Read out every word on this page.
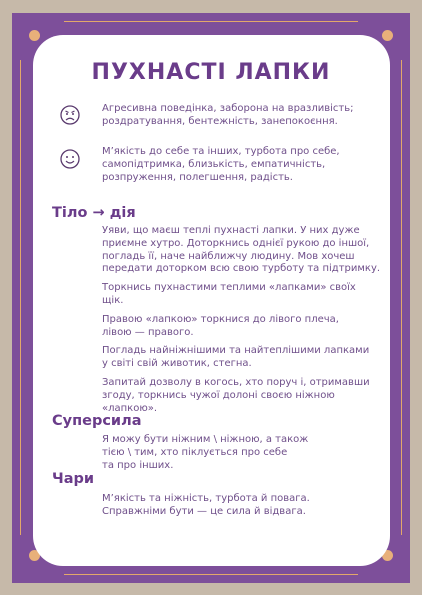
ПУХНАСТІ ЛАПКИ
Агресивна поведінка, заборона на вразливість;
роздратування, бентежність, занепокоєння.
М’якість до себе та інших, турбота про себе,
самопідтримка, близькість, емпатичність,
розпруження, полегшення, радість.
Тіло → дія

Уяви, що маєш теплі пухнасті лапки. У них дуже
приємне хутро. Доторкнись однієї рукою до іншої,
погладь її, наче найближчу людину. Мов хочеш
передати доторком всю свою турботу та підтримку.

Торкнись пухнастими теплими «лапками» своїх
щік.

Правою «лапкою» торкнися до лівого плеча,
лівою — правого.

Погладь найніжнішими та найтеплішими лапками
у світі свій животик, стегна.

Запитай дозволу в когось, хто поруч і, отримавши
згоду, торкнись чужої долоні своєю ніжною
«лапкою».

Суперсила
Я можу бути ніжним \ ніжною, а також
тією \ тим, хто піклується про себе
та про інших.
Чари
М’якість та ніжність, турбота й повага.
Справжніми бути — це сила й відвага.
